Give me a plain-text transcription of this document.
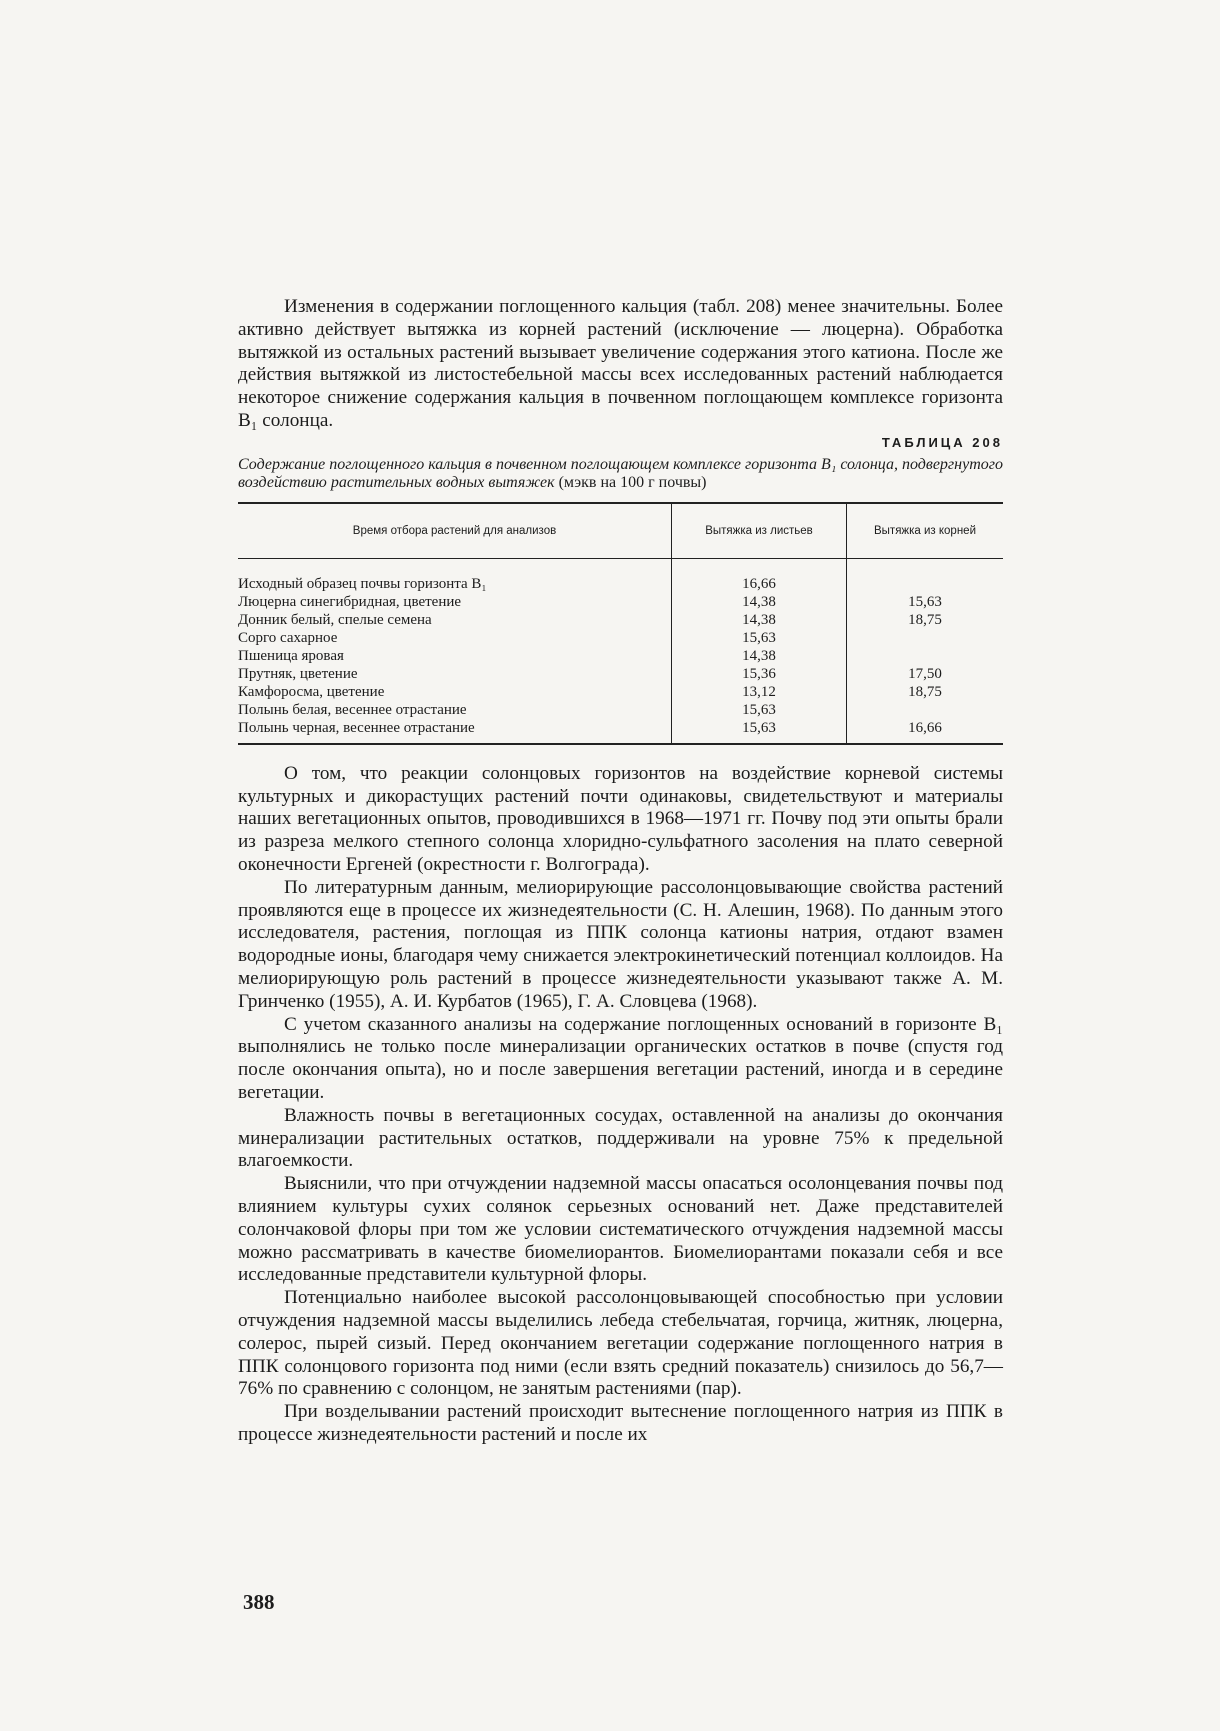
Изменения в содержании поглощенного кальция (табл. 208) менее значительны. Более активно действует вытяжка из корней растений (исключение — люцерна). Обработка вытяжкой из остальных растений вызывает увеличение содержания этого катиона. После же действия вытяжкой из листостебельной массы всех исследованных растений наблюдается некоторое снижение содержания кальция в почвенном поглощающем комплексе горизонта В₁ солонца.

ТАБЛИЦА 208
Содержание поглощенного кальция в почвенном поглощающем комплексе горизонта В₁ солонца, подвергнутого воздействию растительных водных вытяжек (мэкв на 100 г почвы)
Время отбора растений для анализов	Вытяжка из листьев	Вытяжка из корней

Исходный образец почвы горизонта В₁	16,66	
Люцерна синегибридная, цветение	14,38	15,63
Донник белый, спелые семена	14,38	18,75
Сорго сахарное	15,63	
Пшеница яровая	14,38	
Прутняк, цветение	15,36	17,50
Камфоросма, цветение	13,12	18,75
Полынь белая, весеннее отрастание	15,63	
Полынь черная, весеннее отрастание	15,63	16,66

О том, что реакции солонцовых горизонтов на воздействие корневой системы культурных и дикорастущих растений почти одинаковы, свидетельствуют и материалы наших вегетационных опытов, проводившихся в 1968—1971 гг. Почву под эти опыты брали из разреза мелкого степного солонца хлоридно-сульфатного засоления на плато северной оконечности Ергеней (окрестности г. Волгограда).

По литературным данным, мелиорирующие рассолонцовывающие свойства растений проявляются еще в процессе их жизнедеятельности (С. Н. Алешин, 1968). По данным этого исследователя, растения, поглощая из ППК солонца катионы натрия, отдают взамен водородные ионы, благодаря чему снижается электрокинетический потенциал коллоидов. На мелиорирующую роль растений в процессе жизнедеятельности указывают также А. М. Гринченко (1955), А. И. Курбатов (1965), Г. А. Словцева (1968).

С учетом сказанного анализы на содержание поглощенных оснований в горизонте В₁ выполнялись не только после минерализации органических остатков в почве (спустя год после окончания опыта), но и после завершения вегетации растений, иногда и в середине вегетации.

Влажность почвы в вегетационных сосудах, оставленной на анализы до окончания минерализации растительных остатков, поддерживали на уровне 75% к предельной влагоемкости.

Выяснили, что при отчуждении надземной массы опасаться осолонцевания почвы под влиянием культуры сухих солянок серьезных оснований нет. Даже представителей солончаковой флоры при том же условии систематического отчуждения надземной массы можно рассматривать в качестве биомелиорантов. Биомелиорантами показали себя и все исследованные представители культурной флоры.

Потенциально наиболее высокой рассолонцовывающей способностью при условии отчуждения надземной массы выделились лебеда стебельчатая, горчица, житняк, люцерна, солерос, пырей сизый. Перед окончанием вегетации содержание поглощенного натрия в ППК солонцового горизонта под ними (если взять средний показатель) снизилось до 56,7—76% по сравнению с солонцом, не занятым растениями (пар).

При возделывании растений происходит вытеснение поглощенного натрия из ППК в процессе жизнедеятельности растений и после их

388
